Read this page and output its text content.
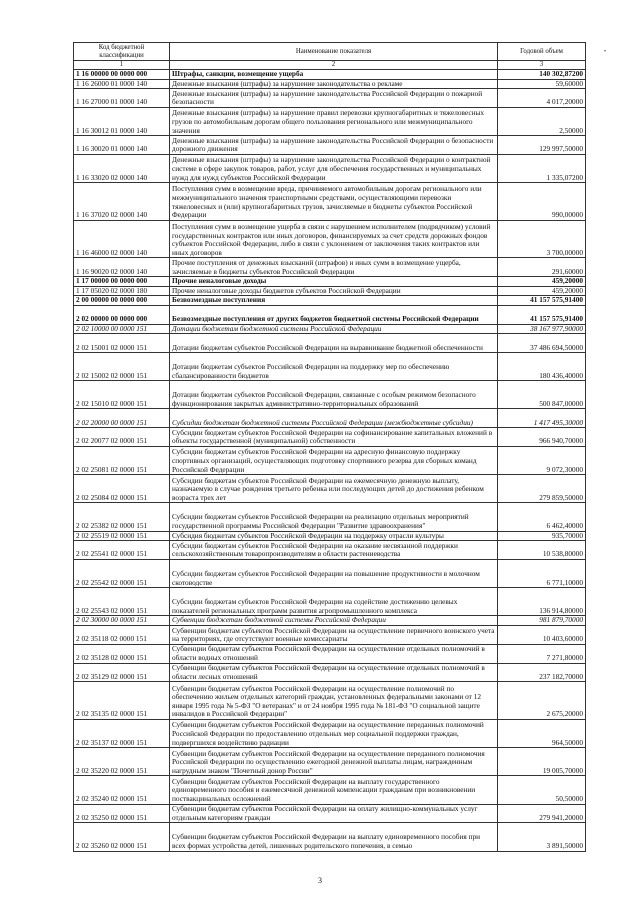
•
Код бюджетной классификации	Наименование показателя	Годовой объем
1	2	3
1 16 00000 00 0000 000	Штрафы, санкции, возмещение ущерба	140 302,87200
1 16 26000 01 0000 140	Денежные взыскания (штрафы) за нарушение законодательства о рекламе	59,60000
1 16 27000 01 0000 140	Денежные взыскания (штрафы) за нарушение законодательства Российской Федерации о пожарной безопасности	4 017,20000
1 16 30012 01 0000 140	Денежные взыскания (штрафы) за нарушение правил перевозки крупногабаритных и тяжеловесных грузов по автомобильным дорогам общего пользования регионального или межмуниципального значения	2,50000
1 16 30020 01 0000 140	Денежные взыскания (штрафы) за нарушение законодательства Российской Федерации о безопасности дорожного движения	129 997,50000
1 16 33020 02 0000 140	Денежные взыскания (штрафы) за нарушение законодательства Российской Федерации о контрактной системе в сфере закупок товаров, работ, услуг для обеспечения государственных и муниципальных нужд для нужд субъектов Российской Федерации	1 335,07200
1 16 37020 02 0000 140	Поступления сумм в возмещение вреда, причиняемого автомобильным дорогам регионального или межмуниципального значения транспортными средствами, осуществляющими перевозки тяжеловесных и (или) крупногабаритных грузов, зачисляемые в бюджеты субъектов Российской Федерации	990,00000
1 16 46000 02 0000 140	Поступления сумм в возмещение ущерба в связи с нарушением исполнителем (подрядчиком) условий государственных контрактов или иных договоров, финансируемых за счет средств дорожных фондов субъектов Российской Федерации, либо в связи с уклонением от заключения таких контрактов или иных договоров	3 700,00000
1 16 90020 02 0000 140	Прочие поступления от денежных взысканий (штрафов) и иных сумм в возмещение ущерба, зачисляемые в бюджеты субъектов Российской Федерации	291,60000
1 17 00000 00 0000 000	Прочие неналоговые доходы	459,20000
1 17 05020 02 0000 180	Прочие неналоговые доходы бюджетов субъектов Российской Федерации	459,20000
2 00 00000 00 0000 000	Безвозмездные поступления	41 157 575,91400
2 02 00000 00 0000 000	Безвозмездные поступления от других бюджетов бюджетной системы Российской Федерации	41 157 575,91400
2 02 10000 00 0000 151	Дотации бюджетам бюджетной системы Российской Федерации	38 167 977,90000
2 02 15001 02 0000 151	Дотации бюджетам субъектов Российской Федерации на выравнивание бюджетной обеспеченности	37 486 694,50000
2 02 15002 02 0000 151	Дотации бюджетам субъектов Российской Федерации на поддержку мер по обеспечению сбалансированности бюджетов	180 436,40000
2 02 15010 02 0000 151	Дотации бюджетам субъектов Российской Федерации, связанные с особым режимом безопасного функционирования закрытых административно-территориальных образований	500 847,00000
2 02 20000 00 0000 151	Субсидии бюджетам бюджетной системы Российской Федерации (межбюджетные субсидии)	1 417 495,30000
2 02 20077 02 0000 151	Субсидии бюджетам субъектов Российской Федерации на софинансирование капитальных вложений в объекты государственной (муниципальной) собственности	966 940,70000
2 02 25081 02 0000 151	Субсидии бюджетам субъектов Российской Федерации на адресную финансовую поддержку спортивных организаций, осуществляющих подготовку спортивного резерва для сборных команд Российской Федерации	9 072,30000
2 02 25084 02 0000 151	Субсидии бюджетам субъектов Российской Федерации на ежемесячную денежную выплату, назначаемую в случае рождения третьего ребенка или последующих детей до достижения ребенком возраста трех лет	279 859,50000
2 02 25382 02 0000 151	Субсидии бюджетам субъектов Российской Федерации на реализацию отдельных мероприятий государственной программы Российской Федерации "Развитие здравоохранения"	6 462,40000
2 02 25519 02 0000 151	Субсидия бюджетам субъектов Российской Федерации на поддержку отрасли культуры	935,70000
2 02 25541 02 0000 151	Субсидии бюджетам субъектов Российской Федерации на оказание несвязанной поддержки сельскохозяйственным товаропроизводителям в области растениеводства	10 538,80000
2 02 25542 02 0000 151	Субсидии бюджетам субъектов Российской Федерации на повышение продуктивности в молочном скотоводстве	6 771,10000
2 02 25543 02 0000 151	Субсидии бюджетам субъектов Российской Федерации на содействие достижению целевых показателей региональных программ развития агропромышленного комплекса	136 914,80000
2 02 30000 00 0000 151	Субвенции бюджетам бюджетной системы Российской Федерации	981 879,70000
2 02 35118 02 0000 151	Субвенции бюджетам субъектов Российской Федерации на осуществление первичного воинского учета на территориях, где отсутствуют военные комиссариаты	10 403,60000
2 02 35128 02 0000 151	Субвенции бюджетам субъектов Российской Федерации на осуществление отдельных полномочий в области водных отношений	7 271,80000
2 02 35129 02 0000 151	Субвенции бюджетам субъектов Российской Федерации на осуществление отдельных полномочий в области лесных отношений	237 182,70000
2 02 35135 02 0000 151	Субвенции бюджетам субъектов Российской Федерации на осуществление полномочий по обеспечению жильем отдельных категорий граждан, установленных федеральными законами от 12 января 1995 года № 5-ФЗ "О ветеранах" и от 24 ноября 1995 года № 181-ФЗ "О социальной защите инвалидов в Российской Федерации"	2 675,20000
2 02 35137 02 0000 151	Субвенции бюджетам субъектов Российской Федерации на осуществление переданных полномочий Российской Федерации по предоставлению отдельных мер социальной поддержки граждан, подвергшихся воздействию радиации	964,50000
2 02 35220 02 0000 151	Субвенции бюджетам субъектов Российской Федерации на осуществление переданного полномочия Российской Федерации по осуществлению ежегодной денежной выплаты лицам, награжденным нагрудным знаком "Почетный донор России"	19 005,70000
2 02 35240 02 0000 151	Субвенции бюджетам субъектов Российской Федерации на выплату государственного единовременного пособия и ежемесячной денежной компенсации гражданам при возникновении поствакцинальных осложнений	50,50000
2 02 35250 02 0000 151	Субвенции бюджетам субъектов Российской Федерации на оплату жилищно-коммунальных услуг отдельным категориям граждан	279 941,20000
2 02 35260 02 0000 151	Субвенции бюджетам субъектов Российской Федерации на выплату единовременного пособия при всех формах устройства детей, лишенных родительского попечения, в семью	3 891,50000
3
